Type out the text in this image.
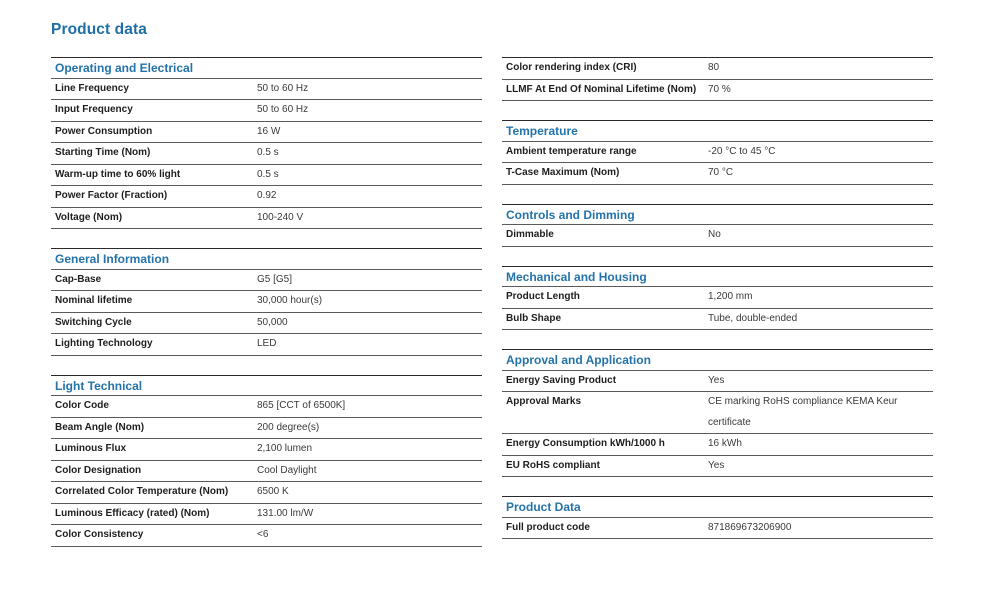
Product data
Operating and Electrical
Line Frequency	50 to 60 Hz
Input Frequency	50 to 60 Hz
Power Consumption	16 W
Starting Time (Nom)	0.5 s
Warm-up time to 60% light	0.5 s
Power Factor (Fraction)	0.92
Voltage (Nom)	100-240 V
General Information
Cap-Base	G5 [G5]
Nominal lifetime	30,000 hour(s)
Switching Cycle	50,000
Lighting Technology	LED
Light Technical
Color Code	865 [CCT of 6500K]
Beam Angle (Nom)	200 degree(s)
Luminous Flux	2,100 lumen
Color Designation	Cool Daylight
Correlated Color Temperature (Nom)	6500 K
Luminous Efficacy (rated) (Nom)	131.00 lm/W
Color Consistency	<6
Color rendering index (CRI)	80
LLMF At End Of Nominal Lifetime (Nom)	70 %
Temperature
Ambient temperature range	-20 °C to 45 °C
T-Case Maximum (Nom)	70 °C
Controls and Dimming
Dimmable	No
Mechanical and Housing
Product Length	1,200 mm
Bulb Shape	Tube, double-ended
Approval and Application
Energy Saving Product	Yes
Approval Marks	CE marking RoHS compliance KEMA Keur certificate
Energy Consumption kWh/1000 h	16 kWh
EU RoHS compliant	Yes
Product Data
Full product code	871869673206900
